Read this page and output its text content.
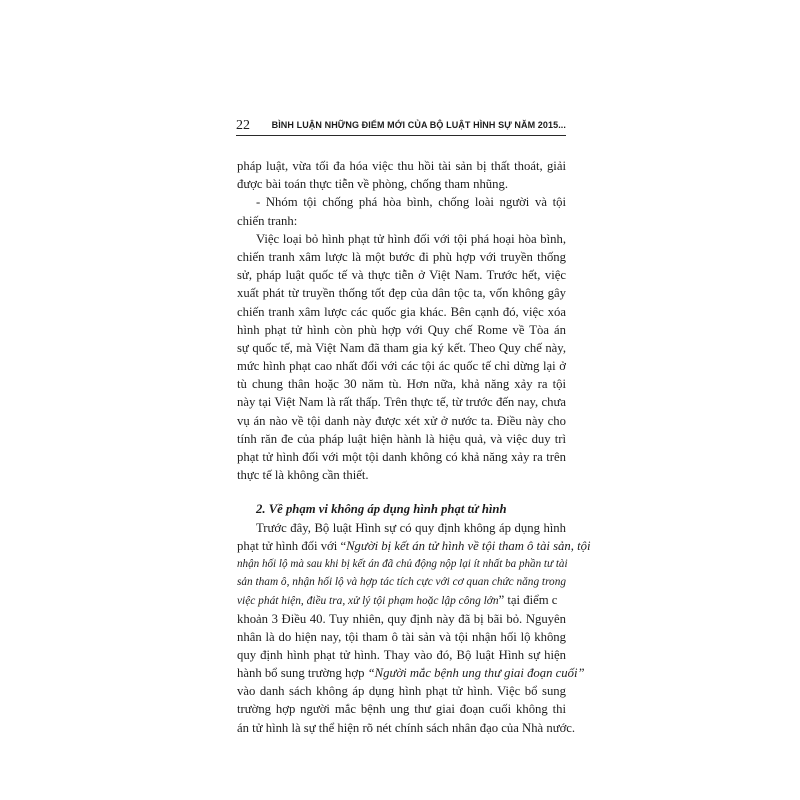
22 BÌNH LUẬN NHỮNG ĐIỂM MỚI CỦA BỘ LUẬT HÌNH SỰ NĂM 2015...
pháp luật, vừa tối đa hóa việc thu hồi tài sản bị thất thoát, giải
được bài toán thực tiễn về phòng, chống tham nhũng.
- Nhóm tội chống phá hòa bình, chống loài người và tội
chiến tranh:
Việc loại bỏ hình phạt tử hình đối với tội phá hoại hòa bình,
chiến tranh xâm lược là một bước đi phù hợp với truyền thống
sử, pháp luật quốc tế và thực tiễn ở Việt Nam. Trước hết, việc
xuất phát từ truyền thống tốt đẹp của dân tộc ta, vốn không gây
chiến tranh xâm lược các quốc gia khác. Bên cạnh đó, việc xóa
hình phạt tử hình còn phù hợp với Quy chế Rome về Tòa án
sự quốc tế, mà Việt Nam đã tham gia ký kết. Theo Quy chế này,
mức hình phạt cao nhất đối với các tội ác quốc tế chỉ dừng lại ở
tù chung thân hoặc 30 năm tù. Hơn nữa, khả năng xảy ra tội
này tại Việt Nam là rất thấp. Trên thực tế, từ trước đến nay, chưa
vụ án nào về tội danh này được xét xử ở nước ta. Điều này cho
tính răn đe của pháp luật hiện hành là hiệu quả, và việc duy trì
phạt tử hình đối với một tội danh không có khả năng xảy ra trên
thực tế là không cần thiết.
2. Về phạm vi không áp dụng hình phạt tử hình
Trước đây, Bộ luật Hình sự có quy định không áp dụng hình
phạt tử hình đối với “Người bị kết án tử hình về tội tham ô tài sản, tội
nhận hối lộ mà sau khi bị kết án đã chủ động nộp lại ít nhất ba phần tư tài
sản tham ô, nhận hối lộ và hợp tác tích cực với cơ quan chức năng trong
việc phát hiện, điều tra, xử lý tội phạm hoặc lập công lớn” tại điểm c
khoản 3 Điều 40. Tuy nhiên, quy định này đã bị bãi bỏ. Nguyên
nhân là do hiện nay, tội tham ô tài sản và tội nhận hối lộ không
quy định hình phạt tử hình. Thay vào đó, Bộ luật Hình sự hiện
hành bổ sung trường hợp “Người mắc bệnh ung thư giai đoạn cuối”
vào danh sách không áp dụng hình phạt tử hình. Việc bổ sung
trường hợp người mắc bệnh ung thư giai đoạn cuối không thi
án tử hình là sự thể hiện rõ nét chính sách nhân đạo của Nhà nước.
